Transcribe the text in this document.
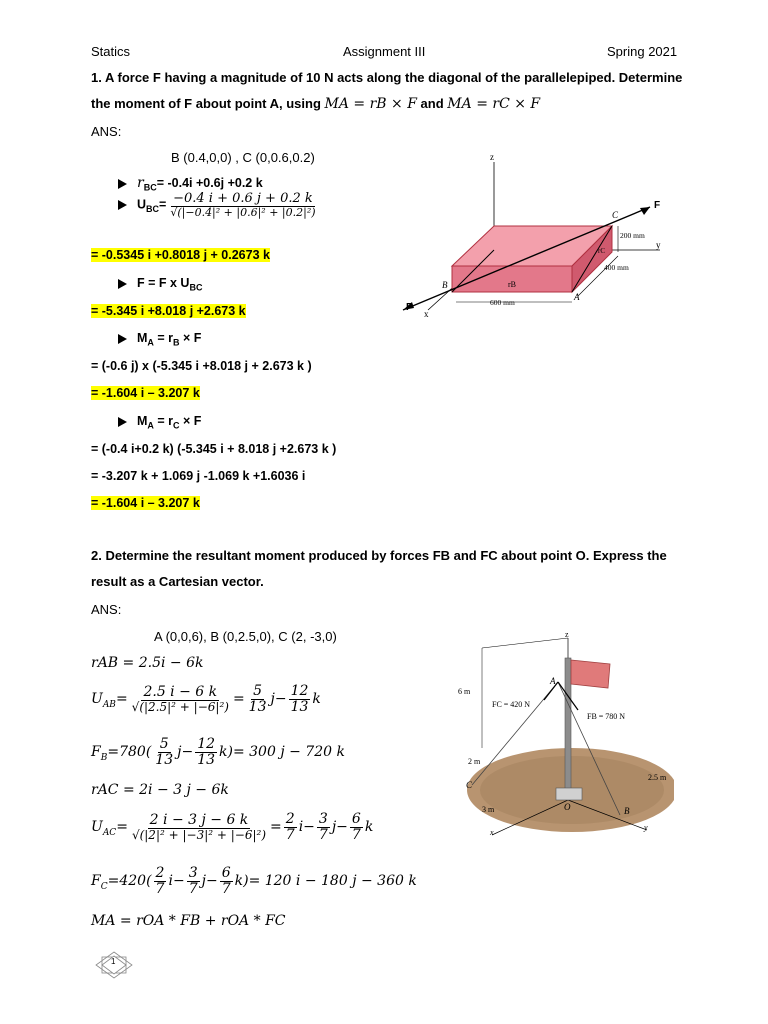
Statics	Assignment III	Spring 2021
1. A force F having a magnitude of 10 N acts along the diagonal of the parallelepiped. Determine
the moment of F about point A, using MA = rB × F and MA = rC × F
ANS:
B (0.4,0,0) , C (0,0.6,0.2)
$r_{BC}= -0.4i +0.6j +0.2$ k
$U_{BC}= \frac{-0.4 i + 0.6 j + 0.2 k}{\text{√(|−0.4|² + |0.6|² + |0.2|²)}}$
= -0.5345 i +0.8018 j + 0.2673 k
F = F x $U_{BC}$
= -5.345 i +8.018 j +2.673 k
$M_A = r_B \times F$
= (-0.6 j) x (-5.345 i +8.018 j + 2.673 k )
= -1.604 i – 3.207 k
$M_A = r_C \times F$
= (-0.4 i+0.2 k) (-5.345 i + 8.018 j +2.673 k )
= -3.207 k + 1.069 j -1.069 k +1.6036 i
= -1.604 i – 3.207 k
z
y
x
F
F
C
B
A
rB
rC
200 mm
400 mm
600 mm
2. Determine the resultant moment produced by forces FB and FC about point O. Express the
result as a Cartesian vector.
ANS:
A (0,0,6), B (0,2.5,0), C (2, -3,0)
rAB = 2.5i − 6k
$U_{AB}= \frac{2.5 i - 6 k}{\text{√(|2.5|² + |−6|²)}} = \frac{5}{13} j- \frac{12}{13}$ k
$F_B=780( \frac{5}{13} j- \frac{12}{13} k)= 300$ j − 720 k
rAC = 2i − 3 j − 6k
$U_{AC}= \frac{2 i - 3 j - 6 k}{\text{√(|2|² + |−3|² + |−6|²)}} = \frac{2}{7} i- \frac{3}{7} j- \frac{6}{7}$ k
$F_C=420( \frac{2}{7} i- \frac{3}{7} j- \frac{6}{7} k)= 120$ i − 180 j − 360 k
MA = rOA * FB + rOA * FC
z
A
6 m
FC = 420 N
FB = 780 N
2 m
C
3 m	O
2.5 m
B
x
y
1
